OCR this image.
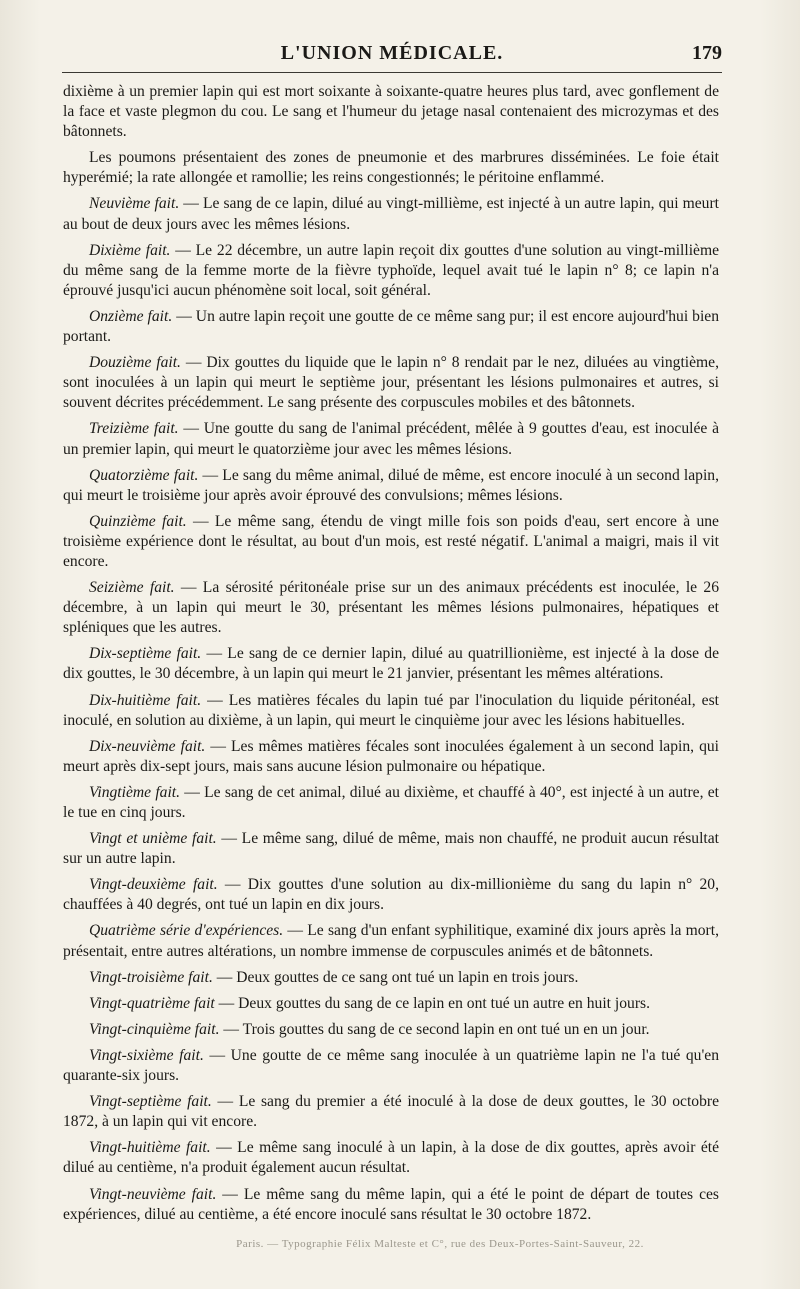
L'UNION MÉDICALE.	179

dixième à un premier lapin qui est mort soixante à soixante-quatre heures plus tard, avec gonflement de la face et vaste plegmon du cou. Le sang et l'humeur du jetage nasal contenaient des microzymas et des bâtonnets.

Les poumons présentaient des zones de pneumonie et des marbrures disséminées. Le foie était hyperémié; la rate allongée et ramollie; les reins congestionnés; le péritoine enflammé.

Neuvième fait. — Le sang de ce lapin, dilué au vingt-millième, est injecté à un autre lapin, qui meurt au bout de deux jours avec les mêmes lésions.

Dixième fait. — Le 22 décembre, un autre lapin reçoit dix gouttes d'une solution au vingt-millième du même sang de la femme morte de la fièvre typhoïde, lequel avait tué le lapin n° 8; ce lapin n'a éprouvé jusqu'ici aucun phénomène soit local, soit général.

Onzième fait. — Un autre lapin reçoit une goutte de ce même sang pur; il est encore aujourd'hui bien portant.

Douzième fait. — Dix gouttes du liquide que le lapin n° 8 rendait par le nez, diluées au vingtième, sont inoculées à un lapin qui meurt le septième jour, présentant les lésions pulmonaires et autres, si souvent décrites précédemment. Le sang présente des corpuscules mobiles et des bâtonnets.

Treizième fait. — Une goutte du sang de l'animal précédent, mêlée à 9 gouttes d'eau, est inoculée à un premier lapin, qui meurt le quatorzième jour avec les mêmes lésions.

Quatorzième fait. — Le sang du même animal, dilué de même, est encore inoculé à un second lapin, qui meurt le troisième jour après avoir éprouvé des convulsions; mêmes lésions.

Quinzième fait. — Le même sang, étendu de vingt mille fois son poids d'eau, sert encore à une troisième expérience dont le résultat, au bout d'un mois, est resté négatif. L'animal a maigri, mais il vit encore.

Seizième fait. — La sérosité péritonéale prise sur un des animaux précédents est inoculée, le 26 décembre, à un lapin qui meurt le 30, présentant les mêmes lésions pulmonaires, hépatiques et spléniques que les autres.

Dix-septième fait. — Le sang de ce dernier lapin, dilué au quatrillionième, est injecté à la dose de dix gouttes, le 30 décembre, à un lapin qui meurt le 21 janvier, présentant les mêmes altérations.

Dix-huitième fait. — Les matières fécales du lapin tué par l'inoculation du liquide péritonéal, est inoculé, en solution au dixième, à un lapin, qui meurt le cinquième jour avec les lésions habituelles.

Dix-neuvième fait. — Les mêmes matières fécales sont inoculées également à un second lapin, qui meurt après dix-sept jours, mais sans aucune lésion pulmonaire ou hépatique.

Vingtième fait. — Le sang de cet animal, dilué au dixième, et chauffé à 40°, est injecté à un autre, et le tue en cinq jours.

Vingt et unième fait. — Le même sang, dilué de même, mais non chauffé, ne produit aucun résultat sur un autre lapin.

Vingt-deuxième fait. — Dix gouttes d'une solution au dix-millionième du sang du lapin n° 20, chauffées à 40 degrés, ont tué un lapin en dix jours.

Quatrième série d'expériences. — Le sang d'un enfant syphilitique, examiné dix jours après la mort, présentait, entre autres altérations, un nombre immense de corpuscules animés et de bâtonnets.

Vingt-troisième fait. — Deux gouttes de ce sang ont tué un lapin en trois jours.

Vingt-quatrième fait — Deux gouttes du sang de ce lapin en ont tué un autre en huit jours.

Vingt-cinquième fait. — Trois gouttes du sang de ce second lapin en ont tué un en un jour.

Vingt-sixième fait. — Une goutte de ce même sang inoculée à un quatrième lapin ne l'a tué qu'en quarante-six jours.

Vingt-septième fait. — Le sang du premier a été inoculé à la dose de deux gouttes, le 30 octobre 1872, à un lapin qui vit encore.

Vingt-huitième fait. — Le même sang inoculé à un lapin, à la dose de dix gouttes, après avoir été dilué au centième, n'a produit également aucun résultat.

Vingt-neuvième fait. — Le même sang du même lapin, qui a été le point de départ de toutes ces expériences, dilué au centième, a été encore inoculé sans résultat le 30 octobre 1872.

Paris. — Typographie Félix Malteste et C°, rue des Deux-Portes-Saint-Sauveur, 22.
